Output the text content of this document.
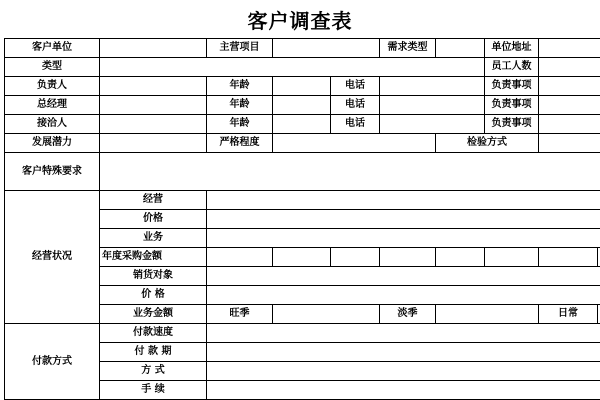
客户调查表
客户单位		主营项目			需求类型		单位地址		
类型							员工人数		
负责人		年龄		电话			负责事项		
总经理		年龄		电话			负责事项		
接洽人		年龄		电话			负责事项		
发展潜力		严格程度				检验方式			
客户特殊要求									
经营状况	经营								
	价格								
	业务								
	年度采购金额								
	销货对象								
	价 格								
	业务金额	旺季			淡季			日常	
付款方式	付款速度								
	付 款 期								
	方 式								
	手 续								
